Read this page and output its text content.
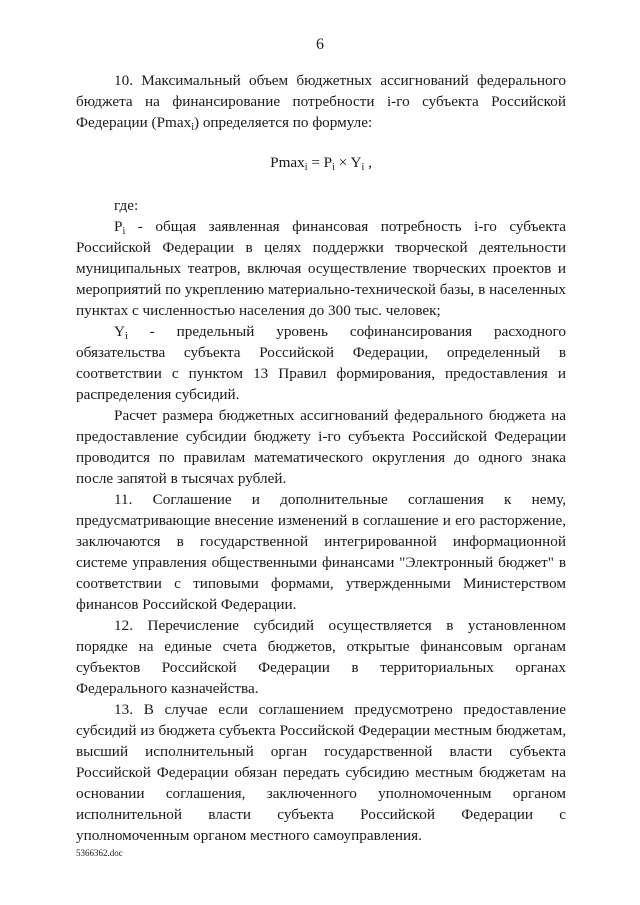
6

10. Максимальный объем бюджетных ассигнований федерального бюджета на финансирование потребности i-го субъекта Российской Федерации (Pmax$_i$) определяется по формуле:

$Pmax_i = P_i \times Y_i$ ,

где:

$P_i$ - общая заявленная финансовая потребность i-го субъекта Российской Федерации в целях поддержки творческой деятельности муниципальных театров, включая осуществление творческих проектов и мероприятий по укреплению материально-технической базы, в населенных пунктах с численностью населения до 300 тыс. человек;

$Y_i$ - предельный уровень софинансирования расходного обязательства субъекта Российской Федерации, определенный в соответствии с пунктом 13 Правил формирования, предоставления и распределения субсидий.

Расчет размера бюджетных ассигнований федерального бюджета на предоставление субсидии бюджету i-го субъекта Российской Федерации проводится по правилам математического округления до одного знака после запятой в тысячах рублей.

11. Соглашение и дополнительные соглашения к нему, предусматривающие внесение изменений в соглашение и его расторжение, заключаются в государственной интегрированной информационной системе управления общественными финансами "Электронный бюджет" в соответствии с типовыми формами, утвержденными Министерством финансов Российской Федерации.

12. Перечисление субсидий осуществляется в установленном порядке на единые счета бюджетов, открытые финансовым органам субъектов Российской Федерации в территориальных органах Федерального казначейства.

13. В случае если соглашением предусмотрено предоставление субсидий из бюджета субъекта Российской Федерации местным бюджетам, высший исполнительный орган государственной власти субъекта Российской Федерации обязан передать субсидию местным бюджетам на основании соглашения, заключенного уполномоченным органом исполнительной власти субъекта Российской Федерации с уполномоченным органом местного самоуправления.

5366362.doc
